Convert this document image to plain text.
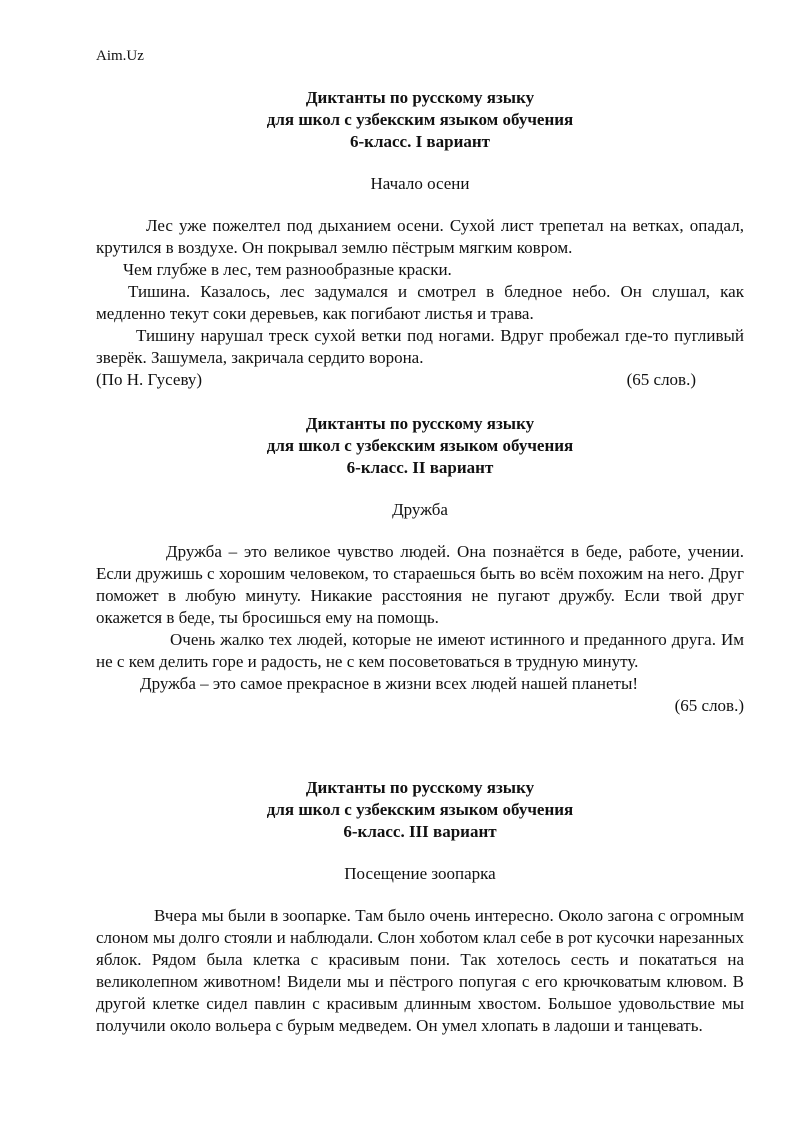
Aim.Uz

Диктанты по русскому языку

для школ с узбекским языком обучения

6-класс. I вариант

Начало осени

Лес уже пожелтел под дыханием осени. Сухой лист трепетал на ветках, опадал, крутился в воздухе. Он покрывал землю пёстрым мягким ковром.

Чем глубже в лес, тем разнообразные краски.

Тишина. Казалось, лес задумался и смотрел в бледное небо. Он слушал, как медленно текут соки деревьев, как погибают листья и трава.

Тишину нарушал треск сухой ветки под ногами. Вдруг пробежал где-то пугливый зверёк. Зашумела, закричала сердито ворона.

(По Н. Гусеву)	(65 слов.)

Диктанты по русскому языку

для школ с узбекским языком обучения

6-класс. II вариант

Дружба

Дружба – это великое чувство людей. Она познаётся в беде, работе, учении. Если дружишь с хорошим человеком, то стараешься быть во всём похожим на него. Друг поможет в любую минуту. Никакие расстояния не пугают дружбу. Если твой друг окажется в беде, ты бросишься ему на помощь.

Очень жалко тех людей, которые не имеют истинного и преданного друга. Им не с кем делить горе и радость, не с кем посоветоваться в трудную минуту.

Дружба – это самое прекрасное в жизни всех людей нашей планеты!

(65 слов.)

Диктанты по русскому языку

для школ с узбекским языком обучения

6-класс. III вариант

Посещение зоопарка

Вчера мы были в зоопарке. Там было очень интересно. Около загона с огромным слоном мы долго стояли и наблюдали. Слон хоботом клал себе в рот кусочки нарезанных яблок. Рядом была клетка с красивым пони. Так хотелось сесть и покататься на великолепном животном! Видели мы и пёстрого попугая с его крючковатым клювом. В другой клетке сидел павлин с красивым длинным хвостом. Большое удовольствие мы получили около вольера с бурым медведем. Он умел хлопать в ладоши и танцевать.
